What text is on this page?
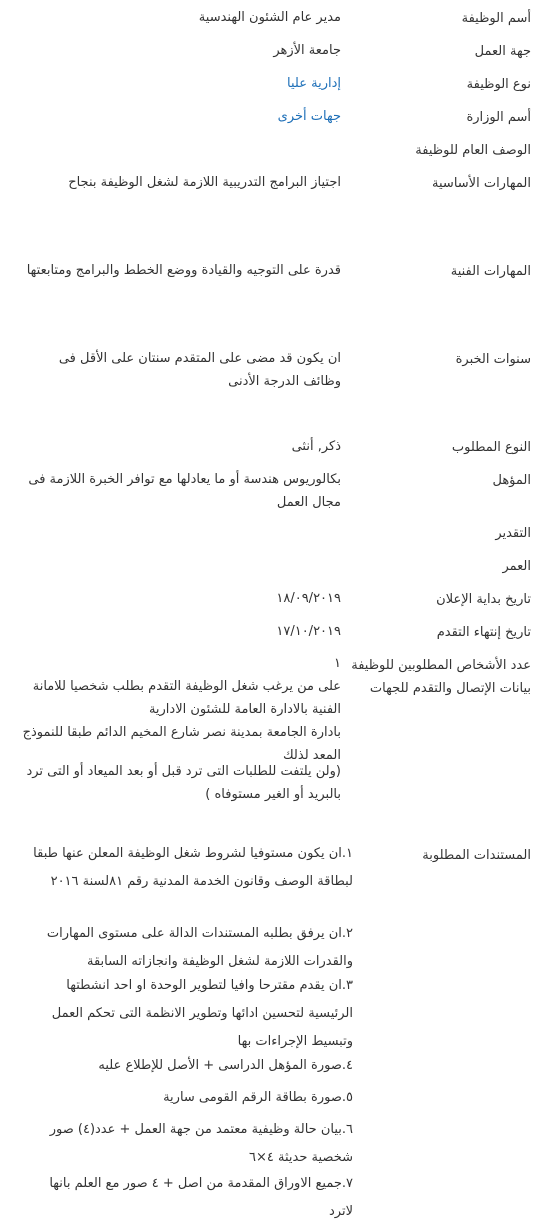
أسم الوظيفة
مدير عام الشئون الهندسية
جهة العمل
جامعة الأزهر
نوع الوظيفة
إدارية عليا
أسم الوزارة
جهات أخرى
الوصف العام للوظيفة
المهارات الأساسية
اجتياز البرامج التدريبية اللازمة لشغل الوظيفة بنجاح
المهارات الفنية
قدرة على التوجيه والقيادة ووضع الخطط والبرامج ومتابعتها
سنوات الخبرة
ان يكون قد مضى على المتقدم سنتان على الأقل فى وظائف الدرجة الأدنى
النوع المطلوب
ذكر, أنثى
المؤهل
بكالوريوس هندسة أو ما يعادلها مع توافر الخبرة اللازمة فى مجال العمل
التقدير
العمر
تاريخ بداية الإعلان
١٨/٠٩/٢٠١٩
تاريخ إنتهاء التقدم
١٧/١٠/٢٠١٩
عدد الأشخاص المطلوبين للوظيفة
١
بيانات الإتصال والتقدم للجهات
على من يرغب شغل الوظيفة التقدم بطلب شخصيا للامانة الفنية بالادارة العامة للشئون الادارية
بادارة الجامعة بمدينة نصر شارع المخيم الدائم طبقا للنموذج المعد لذلك
(ولن يلتفت للطلبات التى ترد قبل أو بعد الميعاد أو التى ترد بالبريد أو الغير مستوفاه )
المستندات المطلوبة
١.ان يكون مستوفيا لشروط شغل الوظيفة المعلن عنها طبقا لبطاقة الوصف وقانون الخدمة المدنية رقم ٨١لسنة ٢٠١٦
٢.ان يرفق بطلبه المستندات الدالة على مستوى المهارات والقدرات اللازمة لشغل الوظيفة وانجازاته السابقة
٣.ان يقدم مقترحا وافيا لتطوير الوحدة او احد انشطتها الرئيسية لتحسين ادائها وتطوير الانظمة التى تحكم العمل وتبسيط الإجراءات بها
٤.صورة المؤهل الدراسى + الأصل للإطلاع عليه
٥.صورة بطاقة الرقم القومى سارية
٦.بيان حالة وظيفية معتمد من جهة العمل + عدد(٤) صور شخصية حديثة ٤×٦
٧.جميع الاوراق المقدمة من اصل + ٤ صور مع العلم بانها لاترد
